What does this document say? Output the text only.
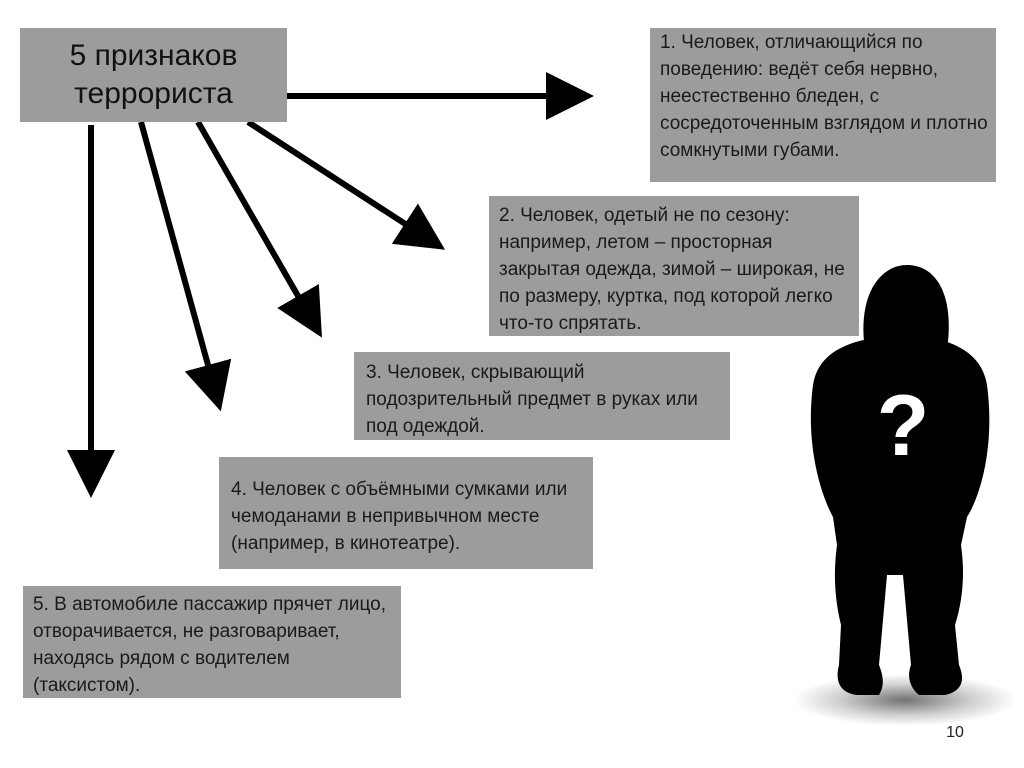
5 признаков террориста
1. Человек, отличающийся по поведению: ведёт себя нервно, неестественно бледен, с сосредоточенным взглядом и плотно сомкнутыми губами.
2. Человек, одетый не по сезону: например, летом – просторная закрытая одежда, зимой – широкая, не по размеру, куртка, под которой легко что-то спрятать.
3. Человек, скрывающий подозрительный предмет в руках или под одеждой.
4. Человек с объёмными сумками или чемоданами в непривычном месте (например, в кинотеатре).
5. В автомобиле пассажир прячет лицо, отворачивается, не разговаривает, находясь рядом с водителем (таксистом).
?
10
